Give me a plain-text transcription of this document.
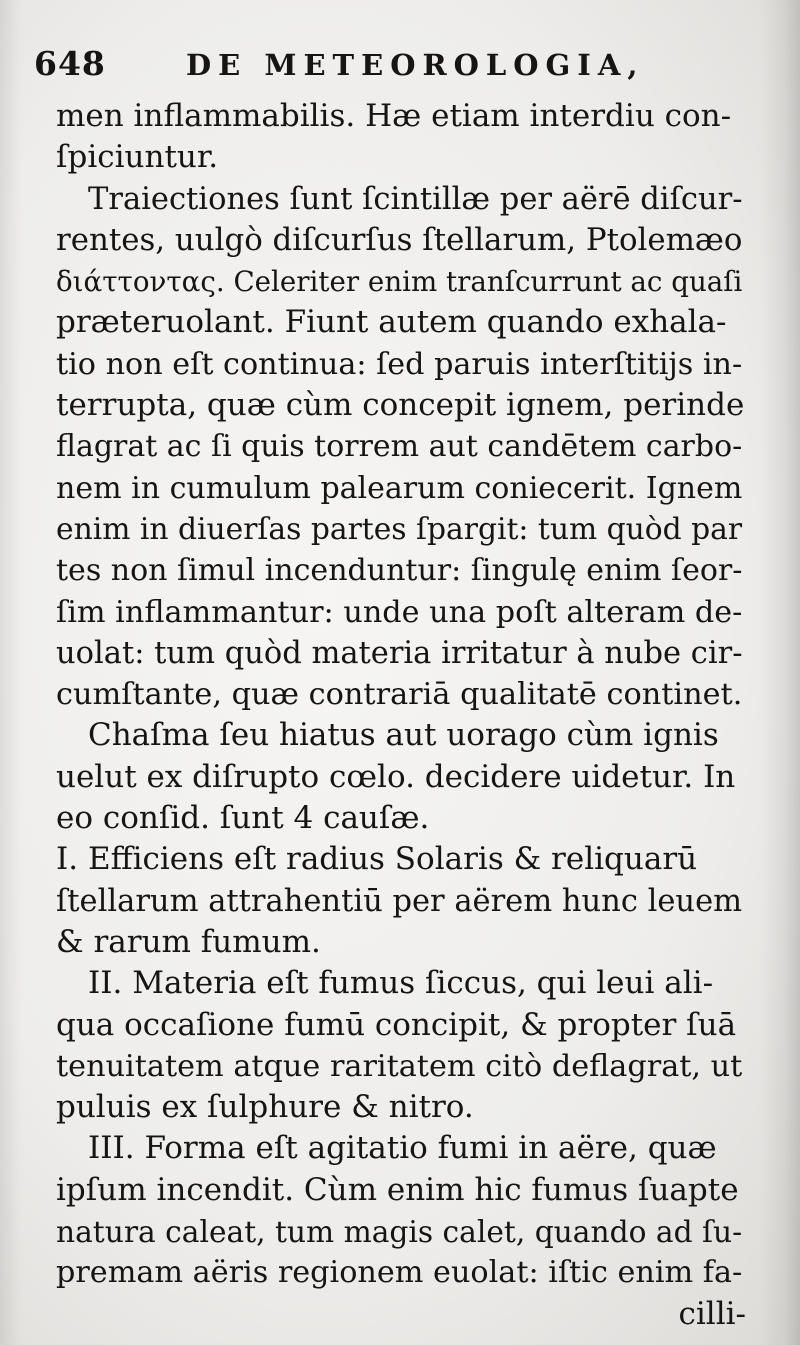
648	DE METEOROLOGIA,
men inflammabilis. Hæ etiam interdiu con-
ſpiciuntur.
Traiectiones ſunt ſcintillæ per aërē diſcur-
rentes, uulgò diſcurſus ſtellarum, Ptolemæo
διάττοντας. Celeriter enim tranſcurrunt ac quaſi
præteruolant. Fiunt autem quando exhala-
tio non eſt continua: ſed paruis interſtitijs in-
terrupta, quæ cùm concepit ignem, perinde
flagrat ac ſi quis torrem aut candētem carbo-
nem in cumulum palearum coniecerit. Ignem
enim in diuerſas partes ſpargit: tum quòd par
tes non ſimul incenduntur: ſingulę enim ſeor-
ſim inflammantur: unde una poſt alteram de-
uolat: tum quòd materia irritatur à nube cir-
cumſtante, quæ contrariā qualitatē continet.
Chaſma ſeu hiatus aut uorago cùm ignis
uelut ex diſrupto cœlo. decidere uidetur. In
eo conſid. ſunt 4 cauſæ.
I. Efficiens eſt radius Solaris & reliquarū
ſtellarum attrahentiū per aërem hunc leuem
& rarum fumum.
II. Materia eſt fumus ſiccus, qui leui ali-
qua occaſione fumū concipit, & propter ſuā
tenuitatem atque raritatem citò deflagrat, ut
puluis ex ſulphure & nitro.
III. Forma eſt agitatio fumi in aëre, quæ
ipſum incendit. Cùm enim hic fumus ſuapte
natura caleat, tum magis calet, quando ad ſu-
premam aëris regionem euolat: iſtic enim fa-
cilli-
